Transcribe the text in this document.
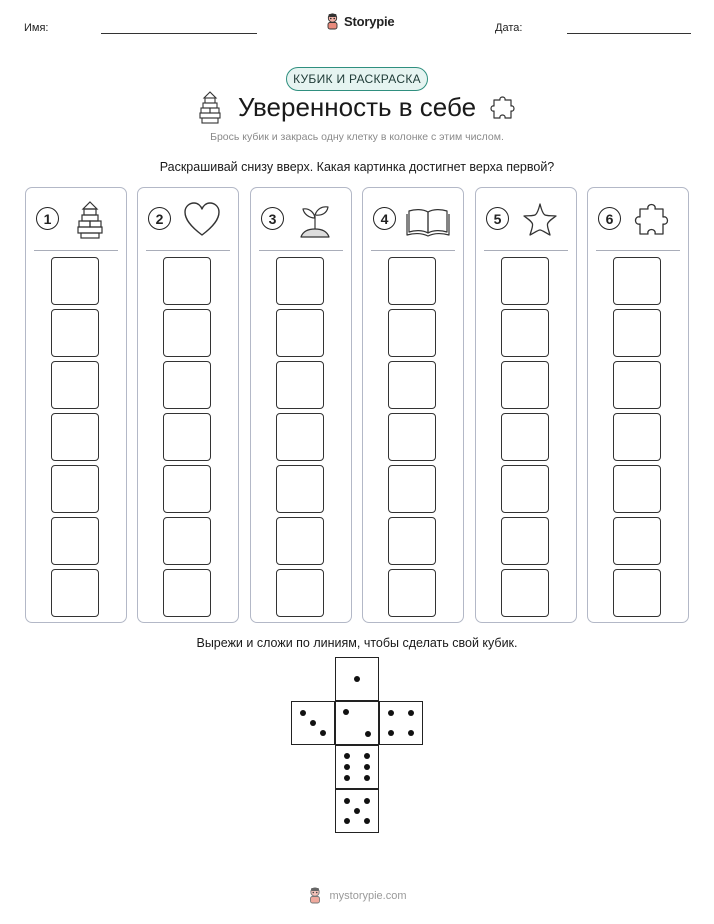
Имя:	Storypie	Дата:
КУБИК И РАСКРАСКА
Уверенность в себе
Брось кубик и закрась одну клетку в колонке с этим числом.
Раскрашивай снизу вверх. Какая картинка достигнет верха первой?
1	2	3	4	5	6
Вырежи и сложи по линиям, чтобы сделать свой кубик.
mystorypie.com
